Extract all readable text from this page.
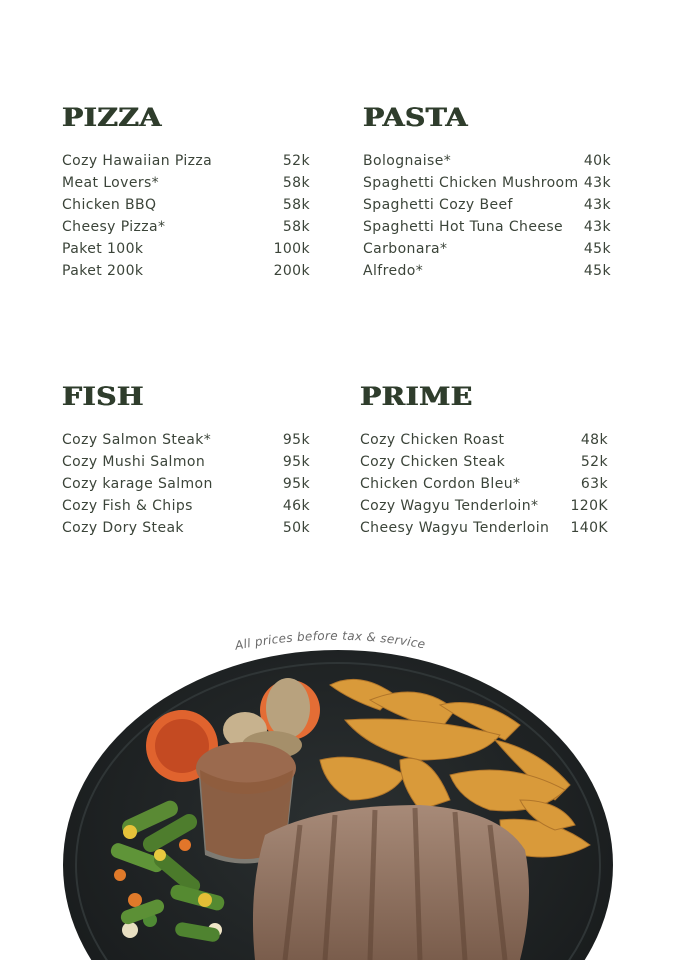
PIZZA
Cozy Hawaiian Pizza	52k
Meat Lovers*	58k
Chicken BBQ	58k
Cheesy Pizza*	58k
Paket 100k	100k
Paket 200k	200k
PASTA
Bolognaise*	40k
Spaghetti Chicken Mushroom 43k
Spaghetti Cozy Beef	43k
Spaghetti Hot Tuna Cheese 43k
Carbonara*	45k
Alfredo*	45k
FISH
Cozy Salmon Steak*	95k
Cozy Mushi Salmon	95k
Cozy karage Salmon	95k
Cozy Fish & Chips	46k
Cozy Dory Steak	50k
PRIME
Cozy Chicken Roast	48k
Cozy Chicken Steak	52k
Chicken Cordon Bleu*	63k
Cozy Wagyu Tenderloin* 120K
Cheesy Wagyu Tenderloin 140K
All prices before tax & service
